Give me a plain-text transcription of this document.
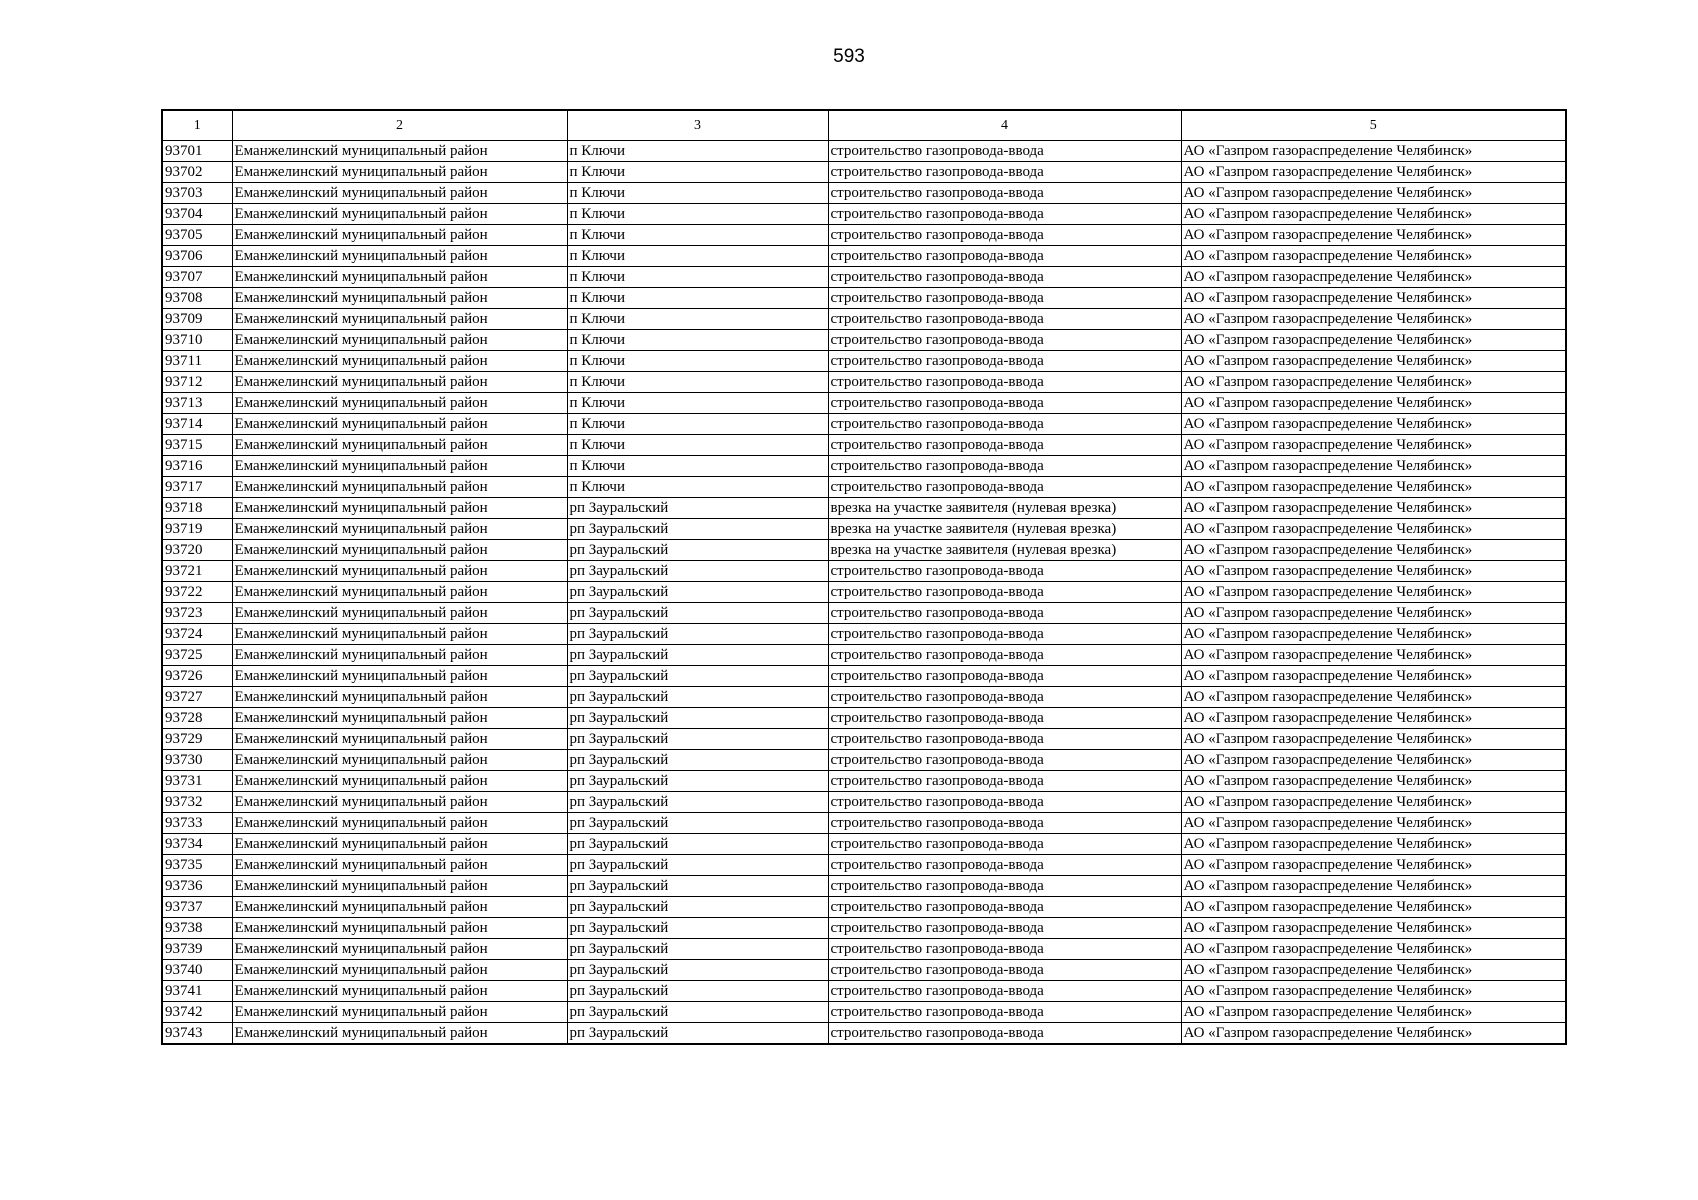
593
1	2	3	4	5
93701	Еманжелинский муниципальный район	п Ключи	строительство газопровода-ввода	АО «Газпром газораспределение Челябинск»
93702	Еманжелинский муниципальный район	п Ключи	строительство газопровода-ввода	АО «Газпром газораспределение Челябинск»
93703	Еманжелинский муниципальный район	п Ключи	строительство газопровода-ввода	АО «Газпром газораспределение Челябинск»
93704	Еманжелинский муниципальный район	п Ключи	строительство газопровода-ввода	АО «Газпром газораспределение Челябинск»
93705	Еманжелинский муниципальный район	п Ключи	строительство газопровода-ввода	АО «Газпром газораспределение Челябинск»
93706	Еманжелинский муниципальный район	п Ключи	строительство газопровода-ввода	АО «Газпром газораспределение Челябинск»
93707	Еманжелинский муниципальный район	п Ключи	строительство газопровода-ввода	АО «Газпром газораспределение Челябинск»
93708	Еманжелинский муниципальный район	п Ключи	строительство газопровода-ввода	АО «Газпром газораспределение Челябинск»
93709	Еманжелинский муниципальный район	п Ключи	строительство газопровода-ввода	АО «Газпром газораспределение Челябинск»
93710	Еманжелинский муниципальный район	п Ключи	строительство газопровода-ввода	АО «Газпром газораспределение Челябинск»
93711	Еманжелинский муниципальный район	п Ключи	строительство газопровода-ввода	АО «Газпром газораспределение Челябинск»
93712	Еманжелинский муниципальный район	п Ключи	строительство газопровода-ввода	АО «Газпром газораспределение Челябинск»
93713	Еманжелинский муниципальный район	п Ключи	строительство газопровода-ввода	АО «Газпром газораспределение Челябинск»
93714	Еманжелинский муниципальный район	п Ключи	строительство газопровода-ввода	АО «Газпром газораспределение Челябинск»
93715	Еманжелинский муниципальный район	п Ключи	строительство газопровода-ввода	АО «Газпром газораспределение Челябинск»
93716	Еманжелинский муниципальный район	п Ключи	строительство газопровода-ввода	АО «Газпром газораспределение Челябинск»
93717	Еманжелинский муниципальный район	п Ключи	строительство газопровода-ввода	АО «Газпром газораспределение Челябинск»
93718	Еманжелинский муниципальный район	рп Зауральский	врезка на участке заявителя (нулевая врезка)	АО «Газпром газораспределение Челябинск»
93719	Еманжелинский муниципальный район	рп Зауральский	врезка на участке заявителя (нулевая врезка)	АО «Газпром газораспределение Челябинск»
93720	Еманжелинский муниципальный район	рп Зауральский	врезка на участке заявителя (нулевая врезка)	АО «Газпром газораспределение Челябинск»
93721	Еманжелинский муниципальный район	рп Зауральский	строительство газопровода-ввода	АО «Газпром газораспределение Челябинск»
93722	Еманжелинский муниципальный район	рп Зауральский	строительство газопровода-ввода	АО «Газпром газораспределение Челябинск»
93723	Еманжелинский муниципальный район	рп Зауральский	строительство газопровода-ввода	АО «Газпром газораспределение Челябинск»
93724	Еманжелинский муниципальный район	рп Зауральский	строительство газопровода-ввода	АО «Газпром газораспределение Челябинск»
93725	Еманжелинский муниципальный район	рп Зауральский	строительство газопровода-ввода	АО «Газпром газораспределение Челябинск»
93726	Еманжелинский муниципальный район	рп Зауральский	строительство газопровода-ввода	АО «Газпром газораспределение Челябинск»
93727	Еманжелинский муниципальный район	рп Зауральский	строительство газопровода-ввода	АО «Газпром газораспределение Челябинск»
93728	Еманжелинский муниципальный район	рп Зауральский	строительство газопровода-ввода	АО «Газпром газораспределение Челябинск»
93729	Еманжелинский муниципальный район	рп Зауральский	строительство газопровода-ввода	АО «Газпром газораспределение Челябинск»
93730	Еманжелинский муниципальный район	рп Зауральский	строительство газопровода-ввода	АО «Газпром газораспределение Челябинск»
93731	Еманжелинский муниципальный район	рп Зауральский	строительство газопровода-ввода	АО «Газпром газораспределение Челябинск»
93732	Еманжелинский муниципальный район	рп Зауральский	строительство газопровода-ввода	АО «Газпром газораспределение Челябинск»
93733	Еманжелинский муниципальный район	рп Зауральский	строительство газопровода-ввода	АО «Газпром газораспределение Челябинск»
93734	Еманжелинский муниципальный район	рп Зауральский	строительство газопровода-ввода	АО «Газпром газораспределение Челябинск»
93735	Еманжелинский муниципальный район	рп Зауральский	строительство газопровода-ввода	АО «Газпром газораспределение Челябинск»
93736	Еманжелинский муниципальный район	рп Зауральский	строительство газопровода-ввода	АО «Газпром газораспределение Челябинск»
93737	Еманжелинский муниципальный район	рп Зауральский	строительство газопровода-ввода	АО «Газпром газораспределение Челябинск»
93738	Еманжелинский муниципальный район	рп Зауральский	строительство газопровода-ввода	АО «Газпром газораспределение Челябинск»
93739	Еманжелинский муниципальный район	рп Зауральский	строительство газопровода-ввода	АО «Газпром газораспределение Челябинск»
93740	Еманжелинский муниципальный район	рп Зауральский	строительство газопровода-ввода	АО «Газпром газораспределение Челябинск»
93741	Еманжелинский муниципальный район	рп Зауральский	строительство газопровода-ввода	АО «Газпром газораспределение Челябинск»
93742	Еманжелинский муниципальный район	рп Зауральский	строительство газопровода-ввода	АО «Газпром газораспределение Челябинск»
93743	Еманжелинский муниципальный район	рп Зауральский	строительство газопровода-ввода	АО «Газпром газораспределение Челябинск»
